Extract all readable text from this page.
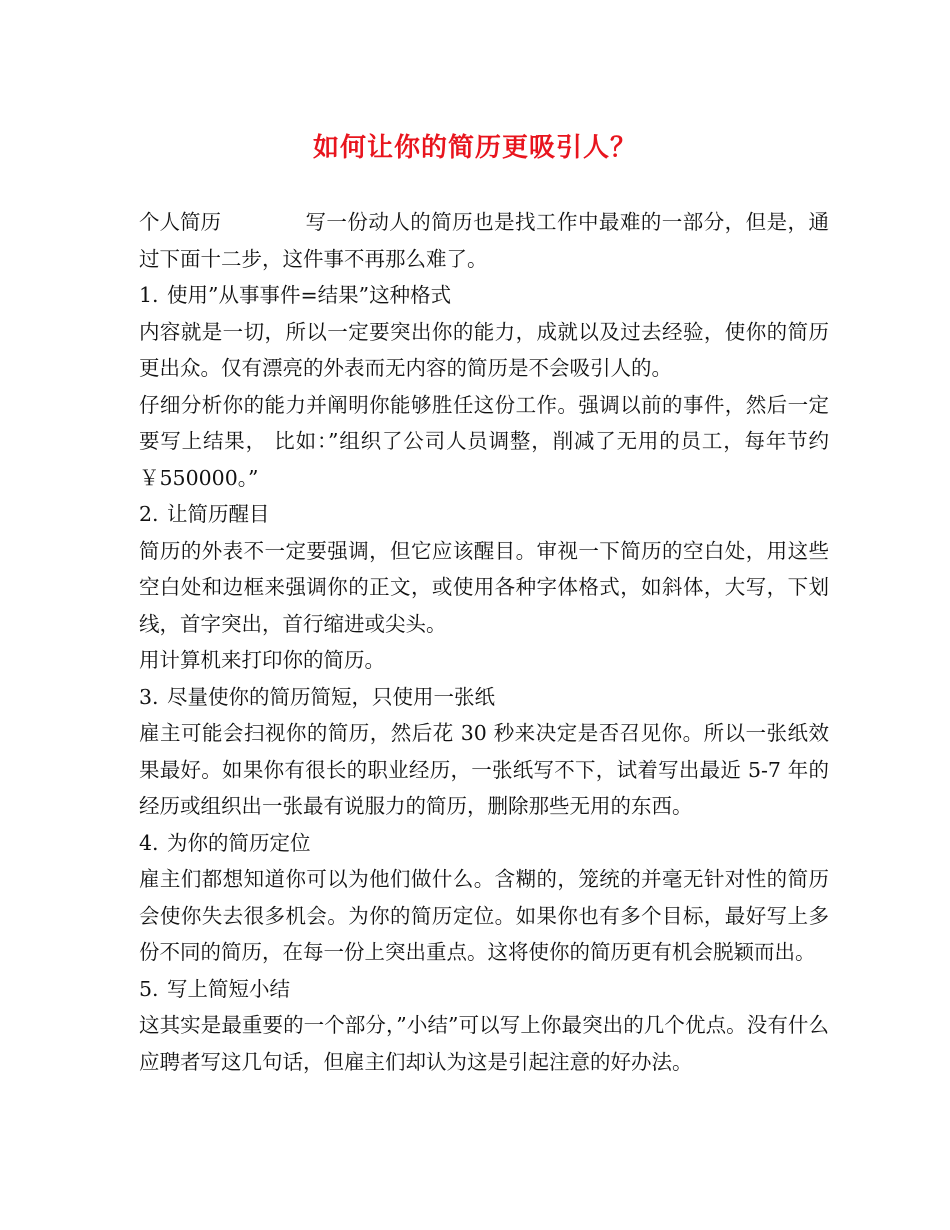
如何让你的简历更吸引人？

个人简历	写一份动人的简历也是找工作中最难的一部分，但是，通过下面十二步，这件事不再那么难了。

1. 使用”从事事件=结果”这种格式

内容就是一切，所以一定要突出你的能力，成就以及过去经验，使你的简历更出众。仅有漂亮的外表而无内容的简历是不会吸引人的。

仔细分析你的能力并阐明你能够胜任这份工作。强调以前的事件，然后一定要写上结果， 比如：”组织了公司人员调整，削减了无用的员工，每年节约￥550000。”

2. 让简历醒目

简历的外表不一定要强调，但它应该醒目。审视一下简历的空白处，用这些空白处和边框来强调你的正文，或使用各种字体格式，如斜体，大写，下划线，首字突出，首行缩进或尖头。

用计算机来打印你的简历。

3. 尽量使你的简历简短，只使用一张纸

雇主可能会扫视你的简历，然后花 30 秒来决定是否召见你。所以一张纸效果最好。如果你有很长的职业经历，一张纸写不下，试着写出最近 5-7 年的经历或组织出一张最有说服力的简历，删除那些无用的东西。

4. 为你的简历定位

雇主们都想知道你可以为他们做什么。含糊的，笼统的并毫无针对性的简历会使你失去很多机会。为你的简历定位。如果你也有多个目标，最好写上多份不同的简历，在每一份上突出重点。这将使你的简历更有机会脱颖而出。

5. 写上简短小结

这其实是最重要的一个部分，”小结”可以写上你最突出的几个优点。没有什么应聘者写这几句话，但雇主们却认为这是引起注意的好办法。
